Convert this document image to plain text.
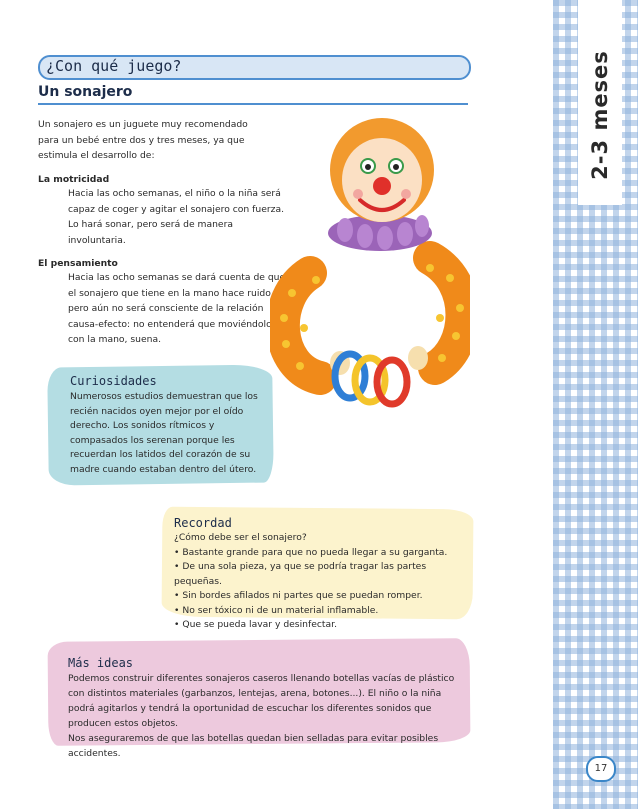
2-3 meses
17
¿Con qué juego?
Un sonajero
Un sonajero es un juguete muy recomendado para un bebé entre dos y tres meses, ya que estimula el desarrollo de:
La motricidad
Hacia las ocho semanas, el niño o la niña será capaz de coger y agitar el sonajero con fuerza. Lo hará sonar, pero será de manera involuntaria.
El pensamiento
Hacia las ocho semanas se dará cuenta de que el sonajero que tiene en la mano hace ruido, pero aún no será consciente de la relación causa-efecto: no entenderá que moviéndolo con la mano, suena.
Curiosidades
Numerosos estudios demuestran que los recién nacidos oyen mejor por el oído derecho. Los sonidos rítmicos y compasados los serenan porque les recuerdan los latidos del corazón de su madre cuando estaban dentro del útero.
Recordad
¿Cómo debe ser el sonajero?
• Bastante grande para que no pueda llegar a su garganta.
• De una sola pieza, ya que se podría tragar las partes pequeñas.
• Sin bordes afilados ni partes que se puedan romper.
• No ser tóxico ni de un material inflamable.
• Que se pueda lavar y desinfectar.
Más ideas
Podemos construir diferentes sonajeros caseros llenando botellas vacías de plástico con distintos materiales (garbanzos, lentejas, arena, botones...). El niño o la niña podrá agitarlos y tendrá la oportunidad de escuchar los diferentes sonidos que producen estos objetos.
Nos aseguraremos de que las botellas quedan bien selladas para evitar posibles accidentes.
